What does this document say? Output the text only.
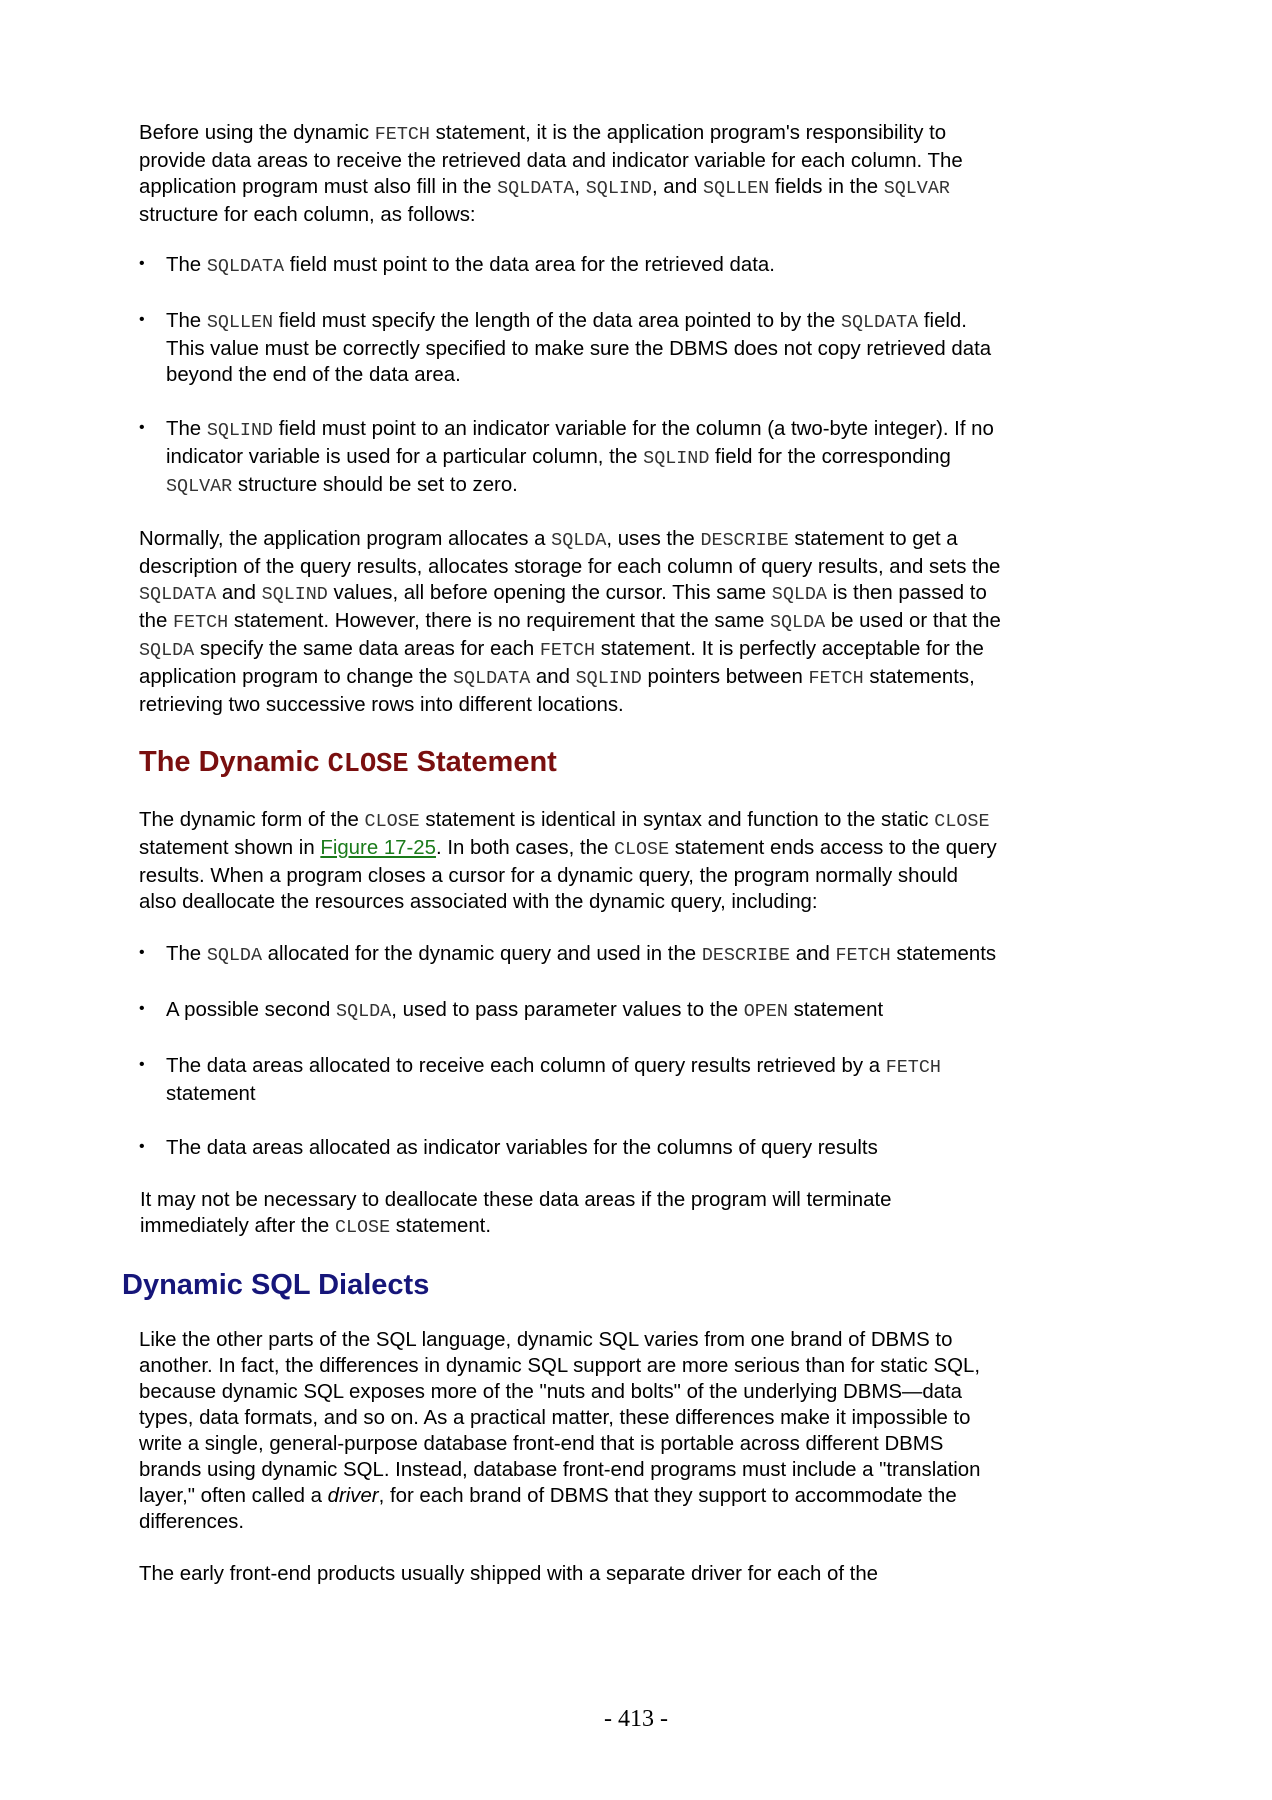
Before using the dynamic FETCH statement, it is the application program's responsibility to provide data areas to receive the retrieved data and indicator variable for each column. The application program must also fill in the SQLDATA, SQLIND, and SQLLEN fields in the SQLVAR structure for each column, as follows:

• The SQLDATA field must point to the data area for the retrieved data.
• The SQLLEN field must specify the length of the data area pointed to by the SQLDATA field. This value must be correctly specified to make sure the DBMS does not copy retrieved data beyond the end of the data area.
• The SQLIND field must point to an indicator variable for the column (a two-byte integer). If no indicator variable is used for a particular column, the SQLIND field for the corresponding SQLVAR structure should be set to zero.

Normally, the application program allocates a SQLDA, uses the DESCRIBE statement to get a description of the query results, allocates storage for each column of query results, and sets the SQLDATA and SQLIND values, all before opening the cursor. This same SQLDA is then passed to the FETCH statement. However, there is no requirement that the same SQLDA be used or that the SQLDA specify the same data areas for each FETCH statement. It is perfectly acceptable for the application program to change the SQLDATA and SQLIND pointers between FETCH statements, retrieving two successive rows into different locations.

The Dynamic CLOSE Statement

The dynamic form of the CLOSE statement is identical in syntax and function to the static CLOSE statement shown in Figure 17-25. In both cases, the CLOSE statement ends access to the query results. When a program closes a cursor for a dynamic query, the program normally should also deallocate the resources associated with the dynamic query, including:

• The SQLDA allocated for the dynamic query and used in the DESCRIBE and FETCH statements
• A possible second SQLDA, used to pass parameter values to the OPEN statement
• The data areas allocated to receive each column of query results retrieved by a FETCH statement
• The data areas allocated as indicator variables for the columns of query results

It may not be necessary to deallocate these data areas if the program will terminate immediately after the CLOSE statement.

Dynamic SQL Dialects

Like the other parts of the SQL language, dynamic SQL varies from one brand of DBMS to another. In fact, the differences in dynamic SQL support are more serious than for static SQL, because dynamic SQL exposes more of the "nuts and bolts" of the underlying DBMS—data types, data formats, and so on. As a practical matter, these differences make it impossible to write a single, general-purpose database front-end that is portable across different DBMS brands using dynamic SQL. Instead, database front-end programs must include a "translation layer," often called a driver, for each brand of DBMS that they support to accommodate the differences.

The early front-end products usually shipped with a separate driver for each of the

- 413 -
